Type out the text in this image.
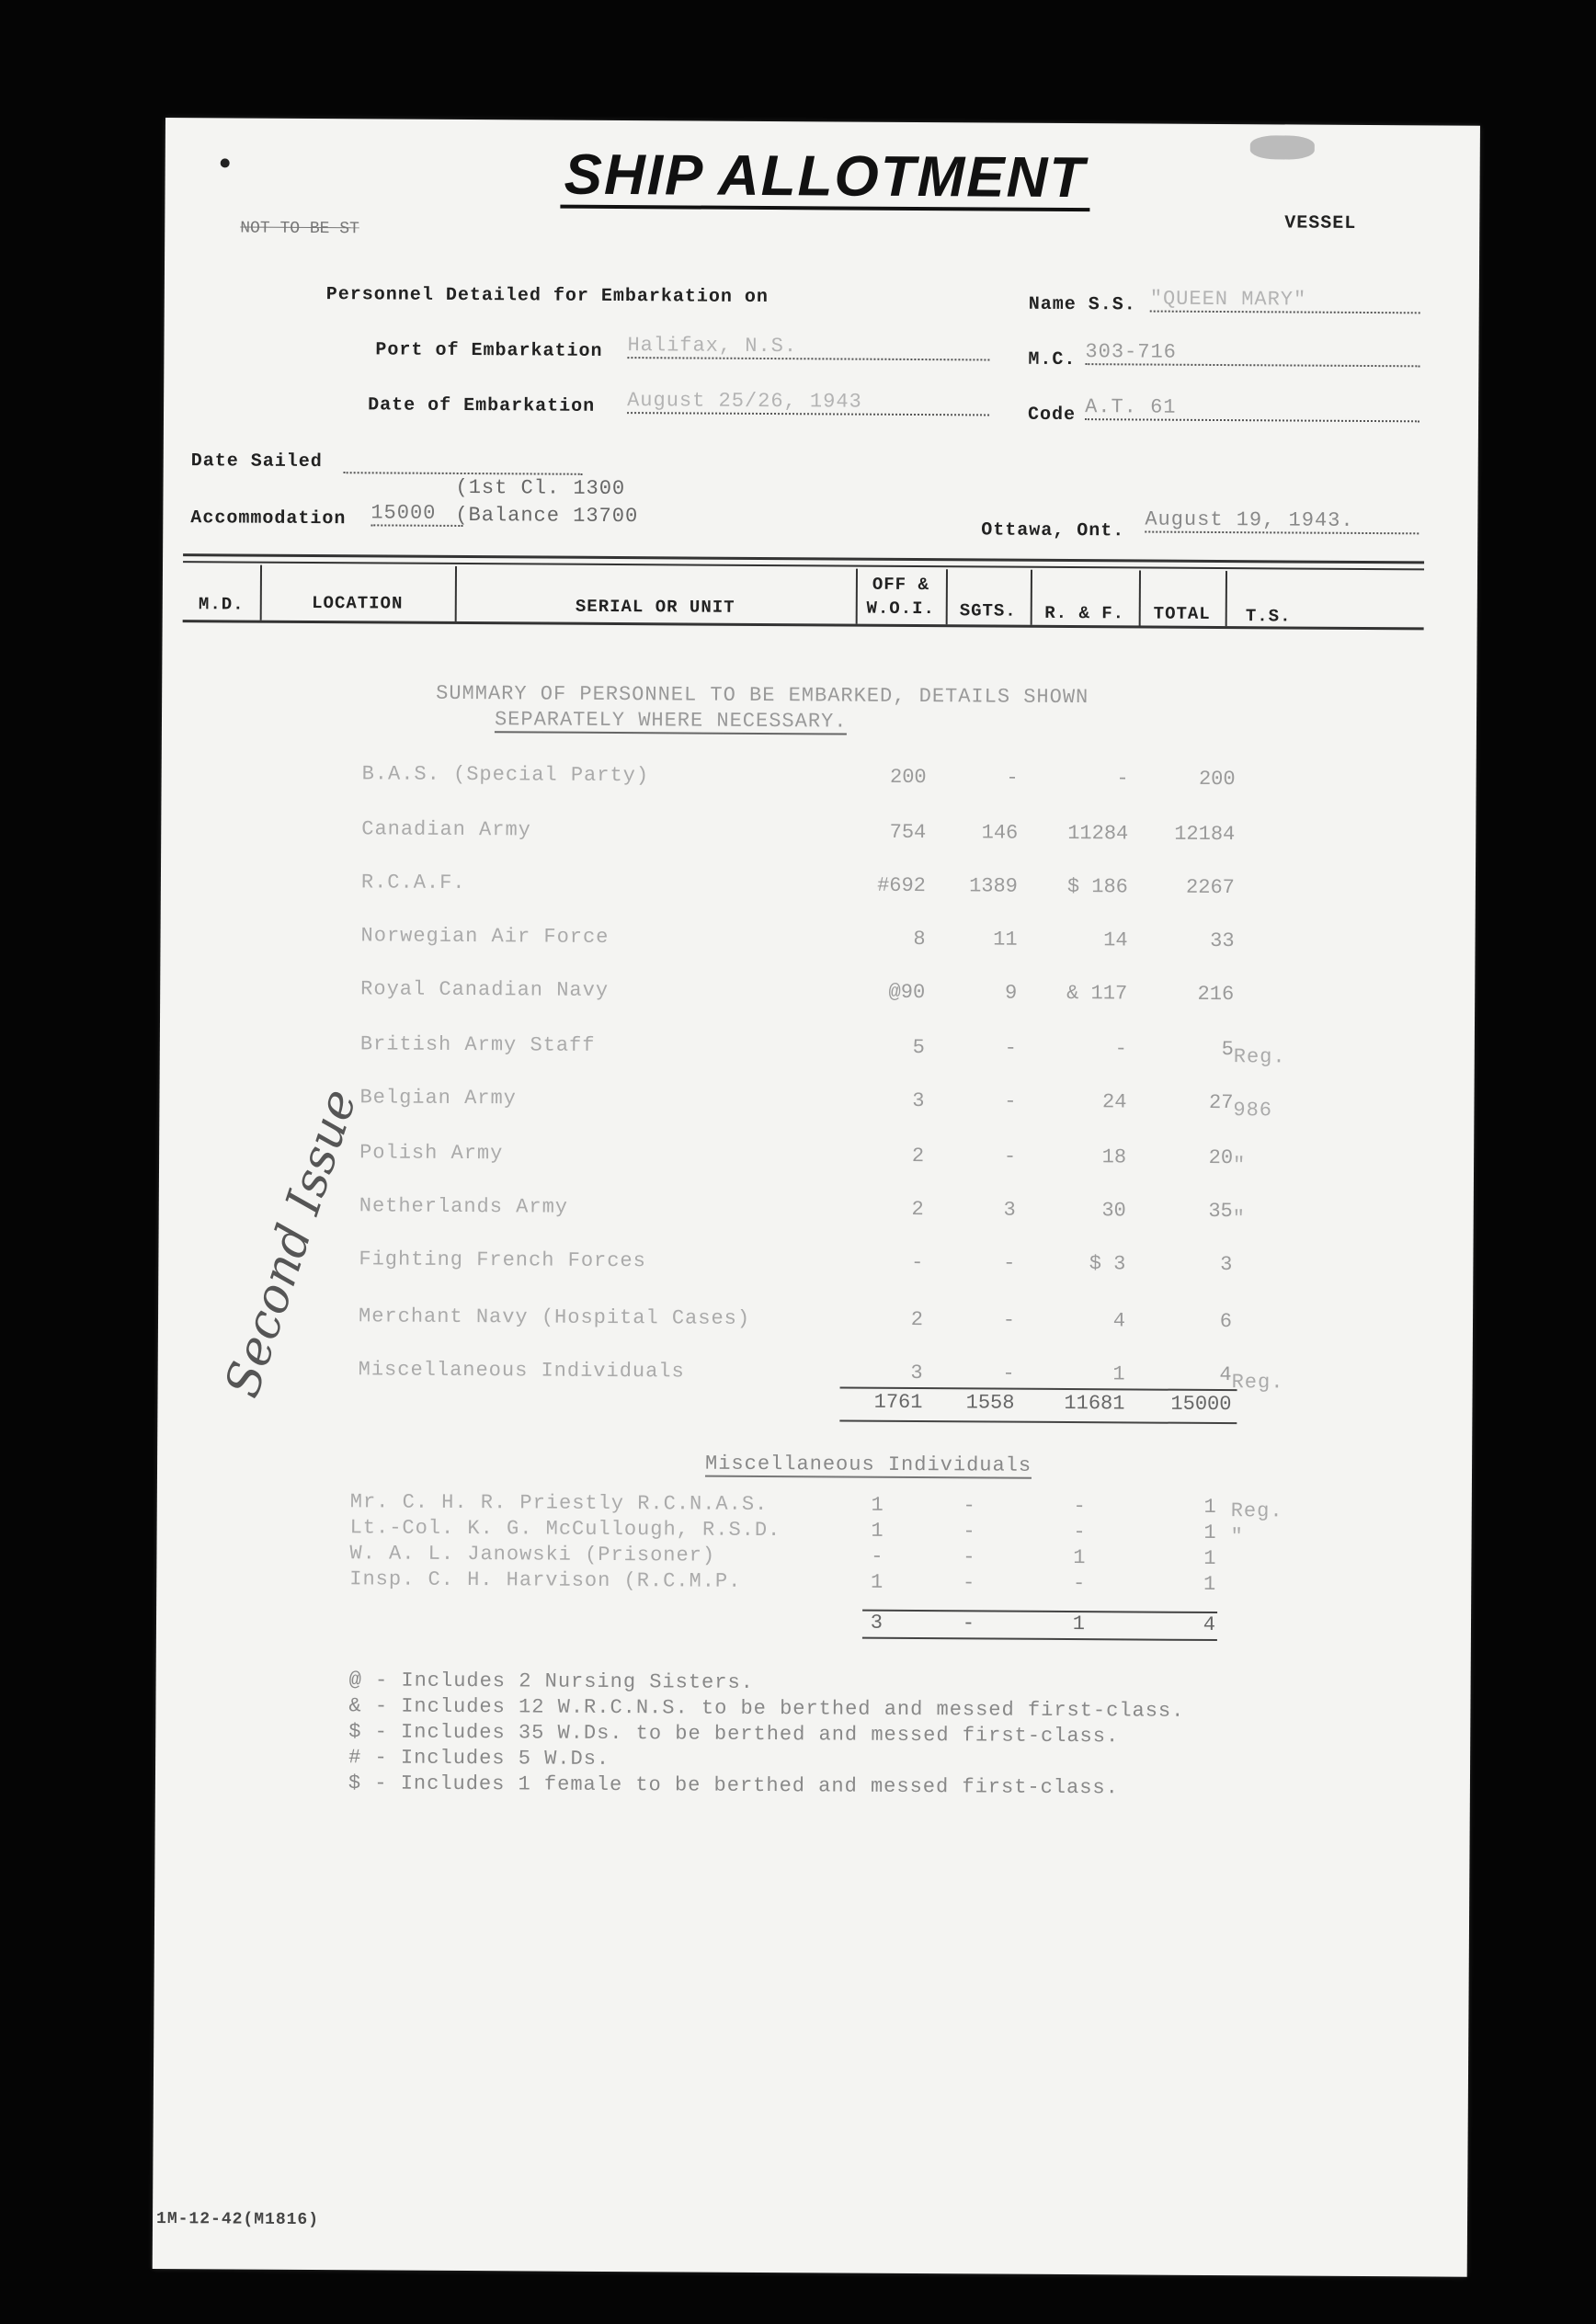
SHIP ALLOTMENT
VESSEL
NOT TO BE ST
Personnel Detailed for Embarkation on
Port of Embarkation Halifax, N.S.
Date of Embarkation August 25/26, 1943
Name S.S. "QUEEN MARY"
M.C. 303-716
Code A.T. 61
Date Sailed
(1st Cl. 1300
Accommodation 15000 (Balance 13700
Ottawa, Ont. August 19, 1943.
M.D.	LOCATION	SERIAL OR UNIT
OFF &
W.O.I.	SGTS.	R. & F.	TOTAL	T.S.
SUMMARY OF PERSONNEL TO BE EMBARKED, DETAILS SHOWN
SEPARATELY WHERE NECESSARY.
B.A.S. (Special Party)	200	-	-	200
Canadian Army	754	146	11284	12184
R.C.A.F.	#692	1389	$ 186	2267
Norwegian Air Force	8	11	14	33
Royal Canadian Navy	@90	9	& 117	216
British Army Staff	5	-	-	5 Reg.
Belgian Army	3	-	24	27 986
Polish Army	2	-	18	20 "
Netherlands Army	2	3	30	35 "
Fighting French Forces	-	-	$ 3	3
Merchant Navy (Hospital Cases)	2	-	4	6
Miscellaneous Individuals	3	-	1	4 Reg.
1761	1558	11681	15000
Miscellaneous Individuals
Mr. C. H. R. Priestly R.C.N.A.S.	1	-	-	1 Reg.
Lt.-Col. K. G. McCullough, R.S.D.	1	-	-	1 "
W. A. L. Janowski (Prisoner)	-	-	1	1
Insp. C. H. Harvison (R.C.M.P.	1	-	-	1
3	-	1	4
@ - Includes 2 Nursing Sisters.
& - Includes 12 W.R.C.N.S. to be berthed and messed first-class.
$ - Includes 35 W.Ds. to be berthed and messed first-class.
# - Includes 5 W.Ds.
$ - Includes 1 female to be berthed and messed first-class.
Second Issue
1M-12-42(M1816)
